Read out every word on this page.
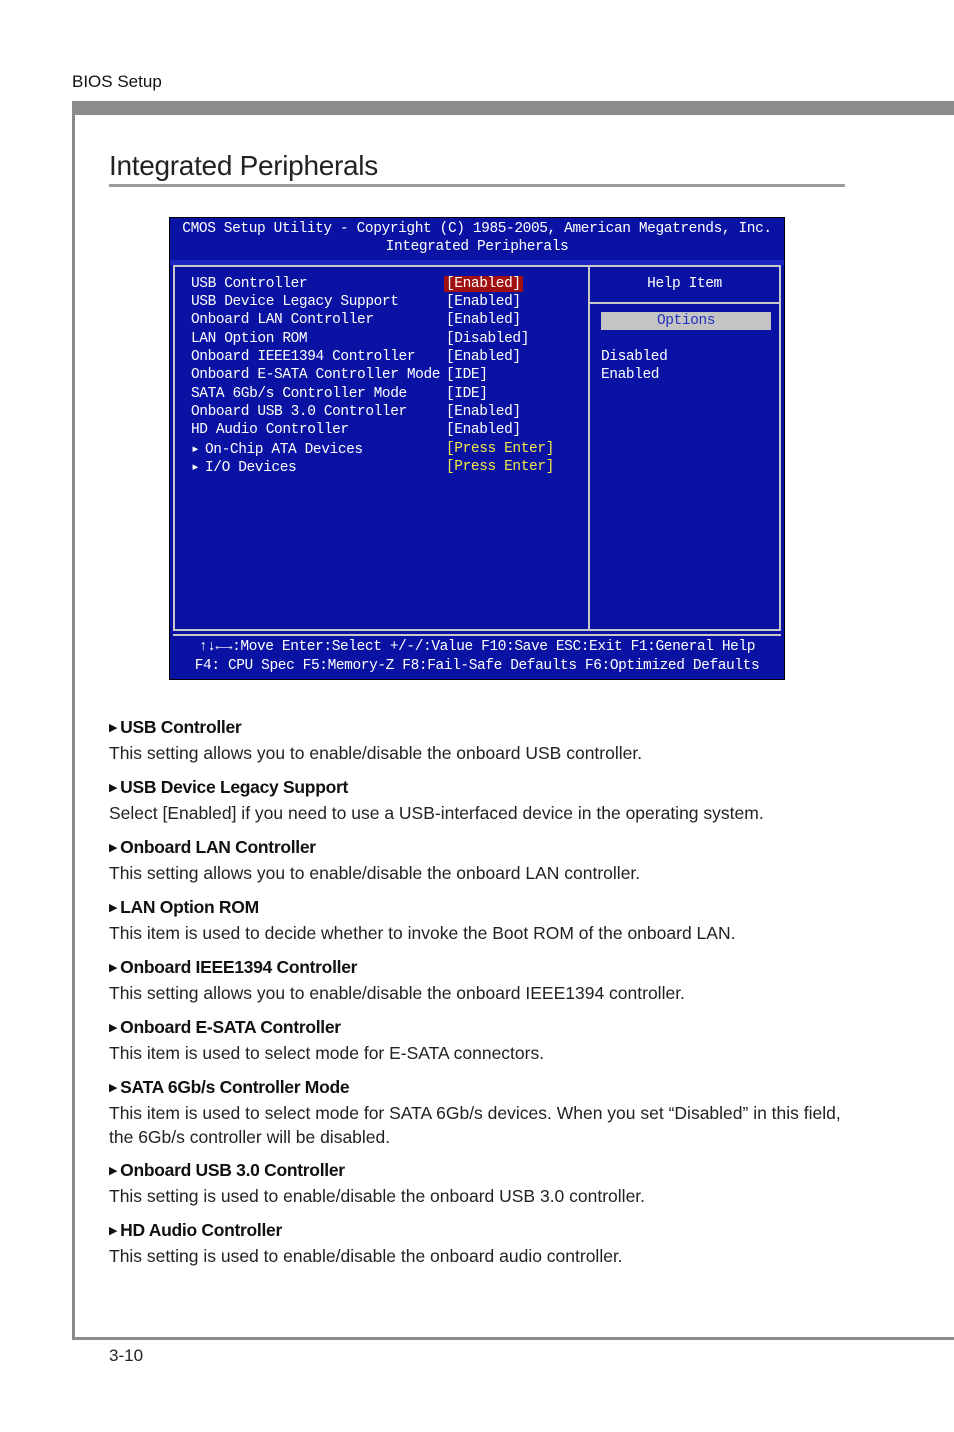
BIOS Setup
Integrated Peripherals
CMOS Setup Utility - Copyright (C) 1985-2005, American Megatrends, Inc.
Integrated Peripherals
USB Controller	[Enabled]
USB Device Legacy Support	[Enabled]
Onboard LAN Controller	[Enabled]
LAN Option ROM	[Disabled]
Onboard IEEE1394 Controller [Enabled]
Onboard E-SATA Controller Mode [IDE]
SATA 6Gb/s Controller Mode	[IDE]
Onboard USB 3.0 Controller	[Enabled]
HD Audio Controller	[Enabled]
▸ On-Chip ATA Devices	[Press Enter]
▸ I/O Devices	[Press Enter]
Help Item
Options
Disabled
Enabled
↑↓←→:Move Enter:Select +/-/:Value F10:Save ESC:Exit F1:General Help
F4: CPU Spec F5:Memory-Z F8:Fail-Safe Defaults F6:Optimized Defaults
▶ USB Controller
This setting allows you to enable/disable the onboard USB controller.
▶ USB Device Legacy Support
Select [Enabled] if you need to use a USB-interfaced device in the operating system.
▶ Onboard LAN Controller
This setting allows you to enable/disable the onboard LAN controller.
▶ LAN Option ROM
This item is used to decide whether to invoke the Boot ROM of the onboard LAN.
▶ Onboard IEEE1394 Controller
This setting allows you to enable/disable the onboard IEEE1394 controller.
▶ Onboard E-SATA Controller
This item is used to select mode for E-SATA connectors.
▶ SATA 6Gb/s Controller Mode
This item is used to select mode for SATA 6Gb/s devices. When you set “Disabled” in this field, the 6Gb/s controller will be disabled.
▶ Onboard USB 3.0 Controller
This setting is used to enable/disable the onboard USB 3.0 controller.
▶ HD Audio Controller
This setting is used to enable/disable the onboard audio controller.
3-10
